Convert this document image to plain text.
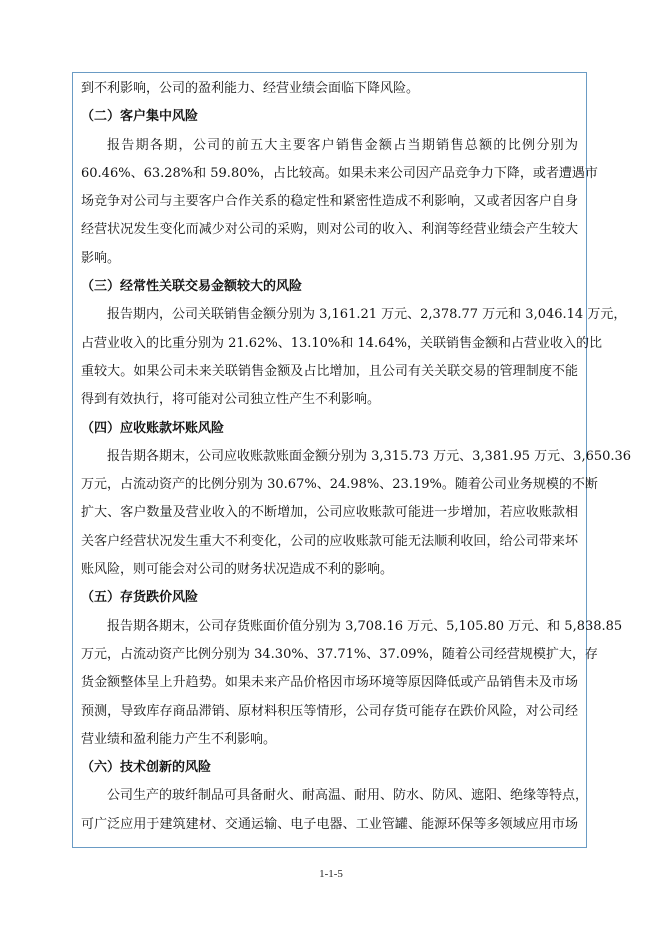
到不利影响，公司的盈利能力、经营业绩会面临下降风险。

（二）客户集中风险

报告期各期，公司的前五大主要客户销售金额占当期销售总额的比例分别为

60.46%、63.28%和 59.80%，占比较高。如果未来公司因产品竞争力下降，或者遭遇市

场竞争对公司与主要客户合作关系的稳定性和紧密性造成不利影响，又或者因客户自身

经营状况发生变化而减少对公司的采购，则对公司的收入、利润等经营业绩会产生较大

影响。

（三）经常性关联交易金额较大的风险

报告期内，公司关联销售金额分别为 3,161.21 万元、2,378.77 万元和 3,046.14 万元，

占营业收入的比重分别为 21.62%、13.10%和 14.64%，关联销售金额和占营业收入的比

重较大。如果公司未来关联销售金额及占比增加，且公司有关关联交易的管理制度不能

得到有效执行，将可能对公司独立性产生不利影响。

（四）应收账款坏账风险

报告期各期末，公司应收账款账面金额分别为 3,315.73 万元、3,381.95 万元、3,650.36

万元，占流动资产的比例分别为 30.67%、24.98%、23.19%。随着公司业务规模的不断

扩大、客户数量及营业收入的不断增加，公司应收账款可能进一步增加，若应收账款相

关客户经营状况发生重大不利变化，公司的应收账款可能无法顺利收回，给公司带来坏

账风险，则可能会对公司的财务状况造成不利的影响。

（五）存货跌价风险

报告期各期末，公司存货账面价值分别为 3,708.16 万元、5,105.80 万元、和 5,838.85

万元，占流动资产比例分别为 34.30%、37.71%、37.09%，随着公司经营规模扩大，存

货金额整体呈上升趋势。如果未来产品价格因市场环境等原因降低或产品销售未及市场

预测，导致库存商品滞销、原材料积压等情形，公司存货可能存在跌价风险，对公司经

营业绩和盈利能力产生不利影响。

（六）技术创新的风险

公司生产的玻纤制品可具备耐火、耐高温、耐用、防水、防风、遮阳、绝缘等特点，

可广泛应用于建筑建材、交通运输、电子电器、工业管罐、能源环保等多领域应用市场

1-1-5
